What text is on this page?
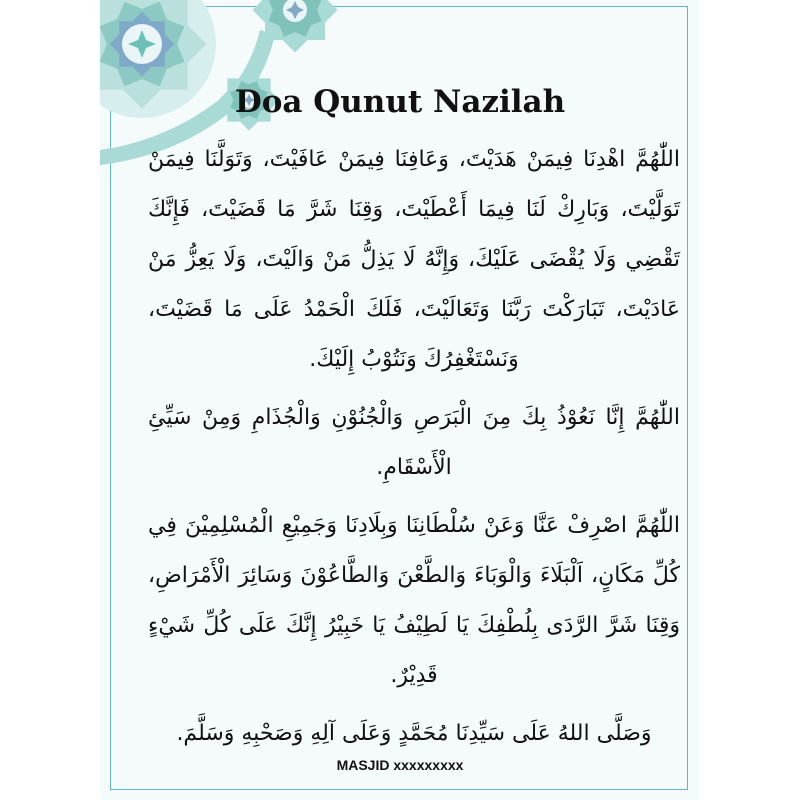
Doa Qunut Nazilah

اللّٰهُمَّ اهْدِنَا فِيمَنْ هَدَيْتَ، وَعَافِنَا فِيمَنْ عَافَيْتَ، وَتَوَلَّنَا فِيمَنْ تَوَلَّيْتَ، وَبَارِكْ لَنَا فِيمَا أَعْطَيْتَ، وَقِنَا شَرَّ مَا قَضَيْتَ، فَإِنَّكَ تَقْضِي وَلَا يُقْضَى عَلَيْكَ، وَإِنَّهُ لَا يَذِلُّ مَنْ وَالَيْتَ، وَلَا يَعِزُّ مَنْ عَادَيْتَ، تَبَارَكْتَ رَبَّنَا وَتَعَالَيْتَ، فَلَكَ الْحَمْدُ عَلَى مَا قَضَيْتَ، وَنَسْتَغْفِرُكَ وَنَتُوْبُ إِلَيْكَ.

اللّٰهُمَّ إِنَّا نَعُوْذُ بِكَ مِنَ الْبَرَصِ وَالْجُنُوْنِ وَالْجُذَامِ وَمِنْ سَيِّئِ الْأَسْقَامِ.

اللّٰهُمَّ اصْرِفْ عَنَّا وَعَنْ سُلْطَانِنَا وَبِلَادِنَا وَجَمِيْعِ الْمُسْلِمِيْنَ فِي كُلِّ مَكَانٍ، اَلْبَلَاءَ وَالْوَبَاءَ وَالطَّعْنَ وَالطَّاعُوْنَ وَسَائِرَ الْأَمْرَاضِ، وَقِنَا شَرَّ الرَّدَى بِلُطْفِكَ يَا لَطِيْفُ يَا خَبِيْرُ إِنَّكَ عَلَى كُلِّ شَيْءٍ قَدِيْرٌ.

وَصَلَّى اللهُ عَلَى سَيِّدِنَا مُحَمَّدٍ وَعَلَى آلِهِ وَصَحْبِهِ وَسَلَّمَ.

MASJID xxxxxxxxx
